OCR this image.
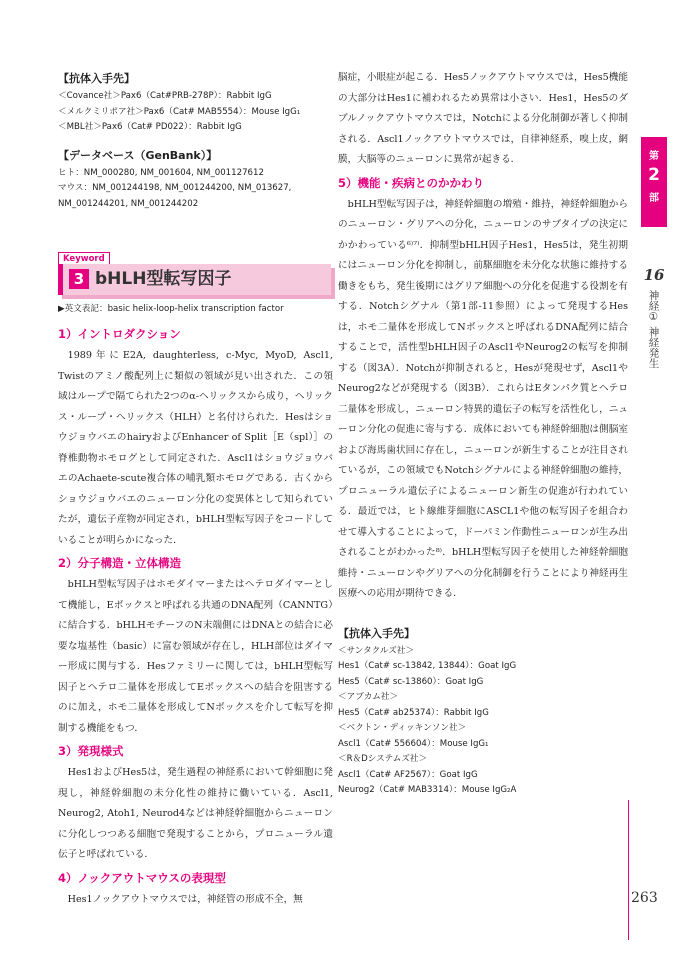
【抗体入手先】
＜Covance社＞Pax6（Cat#PRB-278P）：Rabbit IgG
＜メルクミリポア社＞Pax6（Cat# MAB5554）：Mouse IgG₁
＜MBL社＞Pax6（Cat# PD022）：Rabbit IgG
【データベース（GenBank）】
ヒト：NM_000280, NM_001604, NM_001127612
マウス：NM_001244198, NM_001244200, NM_013627,
NM_001244201, NM_001244202
Keyword
3 bHLH型転写因子
▶英文表記：basic helix-loop-helix transcription factor
1）イントロダクション

1989年にE2A, daughterless, c-Myc, MyoD, Ascl1, Twistのアミノ酸配列上に類似の領域が見い出された．この領域はループで隔てられた2つのα-ヘリックスから成り，ヘリックス・ループ・ヘリックス（HLH）と名付けられた．HesはショウジョウバエのhairyおよびEnhancer of Split［E（spl）］の脊椎動物ホモログとして同定された．Ascl1はショウジョウバエのAchaete-scute複合体の哺乳類ホモログである．古くからショウジョウバエのニューロン分化の変異体として知られていたが，遺伝子産物が同定され，bHLH型転写因子をコードしていることが明らかになった．

2）分子構造・立体構造

bHLH型転写因子はホモダイマーまたはヘテロダイマーとして機能し，Eボックスと呼ばれる共通のDNA配列（CANNTG）に結合する．bHLHモチーフのN末端側にはDNAとの結合に必要な塩基性（basic）に富む領域が存在し，HLH部位はダイマー形成に関与する．Hesファミリーに関しては，bHLH型転写因子とヘテロ二量体を形成してEボックスへの結合を阻害するのに加え，ホモ二量体を形成してNボックスを介して転写を抑制する機能をもつ．

3）発現様式

Hes1およびHes5は，発生過程の神経系において幹細胞に発現し，神経幹細胞の未分化性の維持に働いている．Ascl1, Neurog2, Atoh1, Neurod4などは神経幹細胞からニューロンに分化しつつある細胞で発現することから，プロニューラル遺伝子と呼ばれている．

4）ノックアウトマウスの表現型

Hes1ノックアウトマウスでは，神経管の形成不全，無

脳症，小眼症が起こる．Hes5ノックアウトマウスでは，Hes5機能の大部分はHes1に補われるため異常は小さい．Hes1，Hes5のダブルノックアウトマウスでは，Notchによる分化制御が著しく抑制される．Ascl1ノックアウトマウスでは，自律神経系，嗅上皮，網膜，大脳等のニューロンに異常が起きる．

5）機能・疾病とのかかわり

bHLH型転写因子は，神経幹細胞の増殖・維持，神経幹細胞からのニューロン・グリアへの分化，ニューロンのサブタイプの決定にかかわっている⁶⁾⁷⁾．抑制型bHLH因子Hes1，Hes5は，発生初期にはニューロン分化を抑制し，前駆細胞を未分化な状態に維持する働きをもち，発生後期にはグリア細胞への分化を促進する役割を有する．Notchシグナル（第1部-11参照）によって発現するHesは，ホモ二量体を形成してNボックスと呼ばれるDNA配列に結合することで，活性型bHLH因子のAscl1やNeurog2の転写を抑制する（図3A）．Notchが抑制されると，Hesが発現せず，Ascl1やNeurog2などが発現する（図3B）．これらはEタンパク質とヘテロ二量体を形成し，ニューロン特異的遺伝子の転写を活性化し，ニューロン分化の促進に寄与する．成体においても神経幹細胞は側脳室および海馬歯状回に存在し，ニューロンが新生することが注目されているが，この領域でもNotchシグナルによる神経幹細胞の維持，プロニューラル遺伝子によるニューロン新生の促進が行われている．最近では，ヒト線維芽細胞にASCL1や他の転写因子を組合わせて導入することによって，ドーパミン作動性ニューロンが生み出されることがわかった⁸⁾．bHLH型転写因子を使用した神経幹細胞維持・ニューロンやグリアへの分化制御を行うことにより神経再生医療への応用が期待できる．

【抗体入手先】
＜サンタクルズ社＞
Hes1（Cat# sc-13842, 13844）：Goat IgG
Hes5（Cat# sc-13860）：Goat IgG
＜アブカム社＞
Hes5（Cat# ab25374）：Rabbit IgG
＜ベクトン・ディッキンソン社＞
Ascl1（Cat# 556604）：Mouse IgG₁
＜R＆Dシステムズ社＞
Ascl1（Cat# AF2567）：Goat IgG
Neurog2（Cat# MAB3314）：Mouse IgG₂A
第
2
部
16
神経① 神経発生
263
